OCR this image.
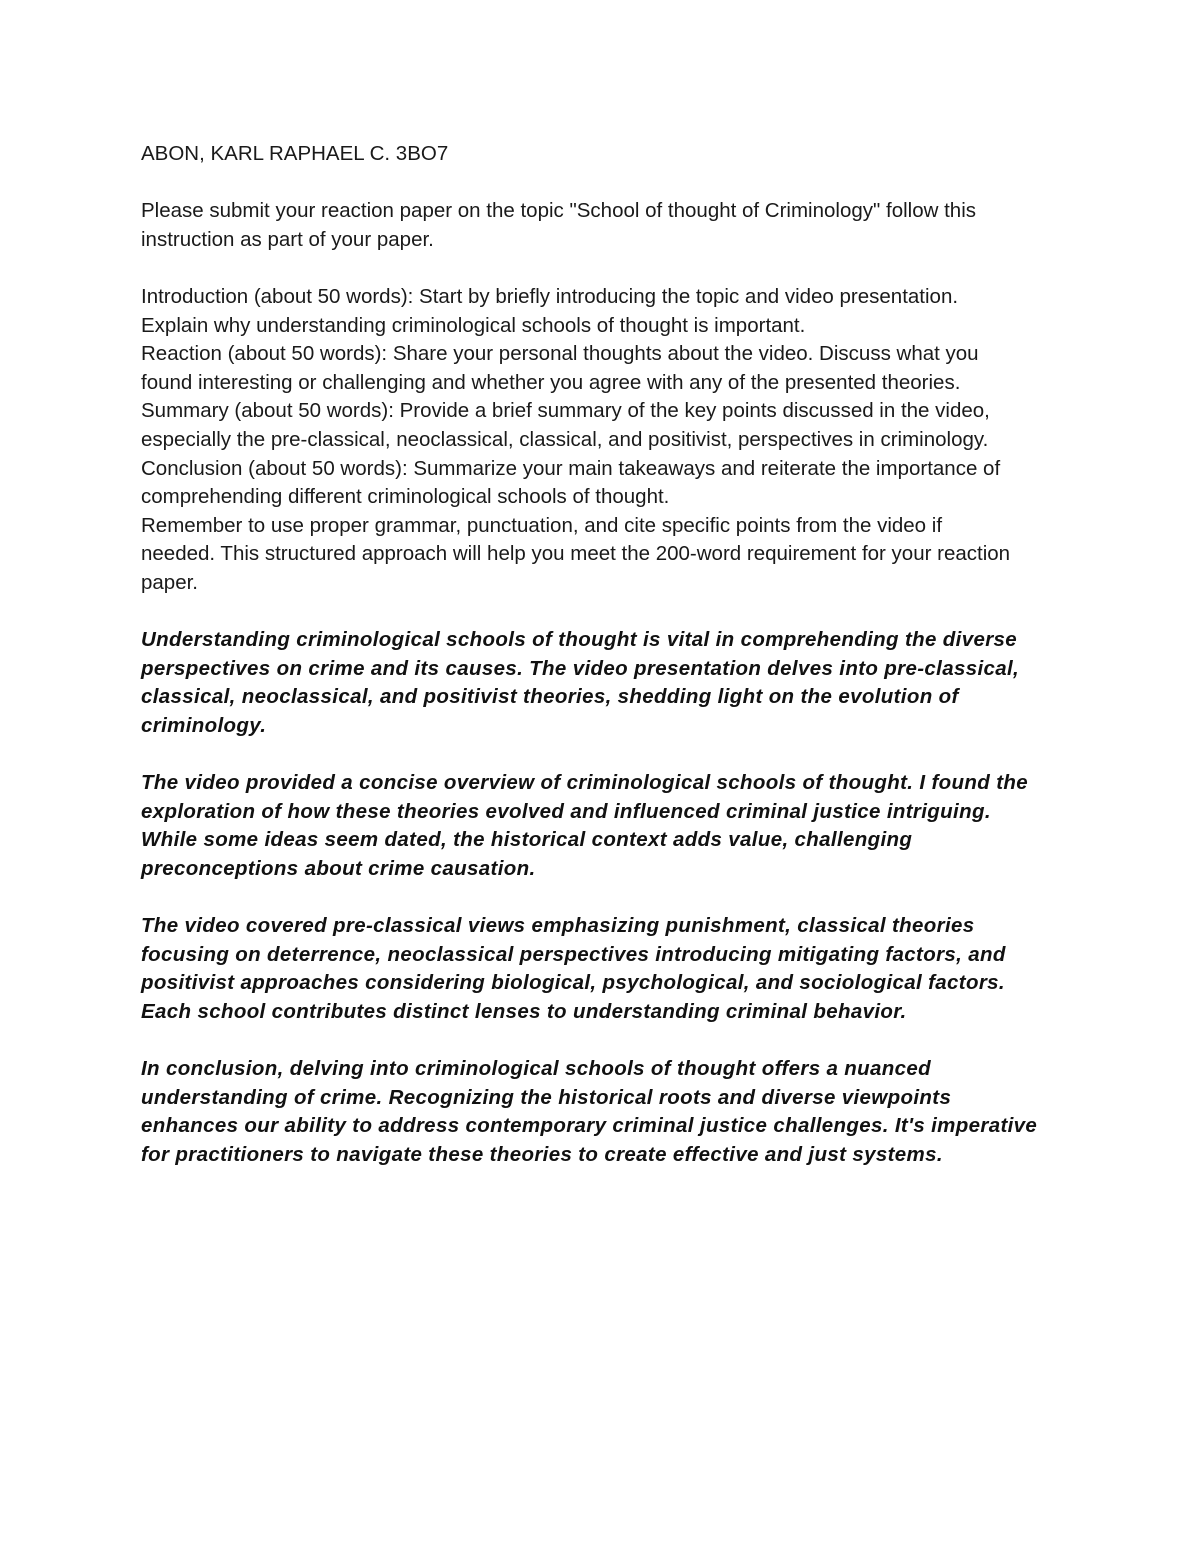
ABON, KARL RAPHAEL C. 3BO7
Please submit your reaction paper on the topic "School of thought of Criminology" follow this
instruction as part of your paper.
Introduction (about 50 words): Start by briefly introducing the topic and video presentation.
Explain why understanding criminological schools of thought is important.
Reaction (about 50 words): Share your personal thoughts about the video. Discuss what you
found interesting or challenging and whether you agree with any of the presented theories.
Summary (about 50 words): Provide a brief summary of the key points discussed in the video,
especially the pre-classical, neoclassical, classical, and positivist, perspectives in criminology.
Conclusion (about 50 words): Summarize your main takeaways and reiterate the importance of
comprehending different criminological schools of thought.
Remember to use proper grammar, punctuation, and cite specific points from the video if
needed. This structured approach will help you meet the 200-word requirement for your reaction
paper.
Understanding criminological schools of thought is vital in comprehending the diverse
perspectives on crime and its causes. The video presentation delves into pre-classical,
classical, neoclassical, and positivist theories, shedding light on the evolution of
criminology.
The video provided a concise overview of criminological schools of thought. I found the
exploration of how these theories evolved and influenced criminal justice intriguing.
While some ideas seem dated, the historical context adds value, challenging
preconceptions about crime causation.
The video covered pre-classical views emphasizing punishment, classical theories
focusing on deterrence, neoclassical perspectives introducing mitigating factors, and
positivist approaches considering biological, psychological, and sociological factors.
Each school contributes distinct lenses to understanding criminal behavior.
In conclusion, delving into criminological schools of thought offers a nuanced
understanding of crime. Recognizing the historical roots and diverse viewpoints
enhances our ability to address contemporary criminal justice challenges. It's imperative
for practitioners to navigate these theories to create effective and just systems.
